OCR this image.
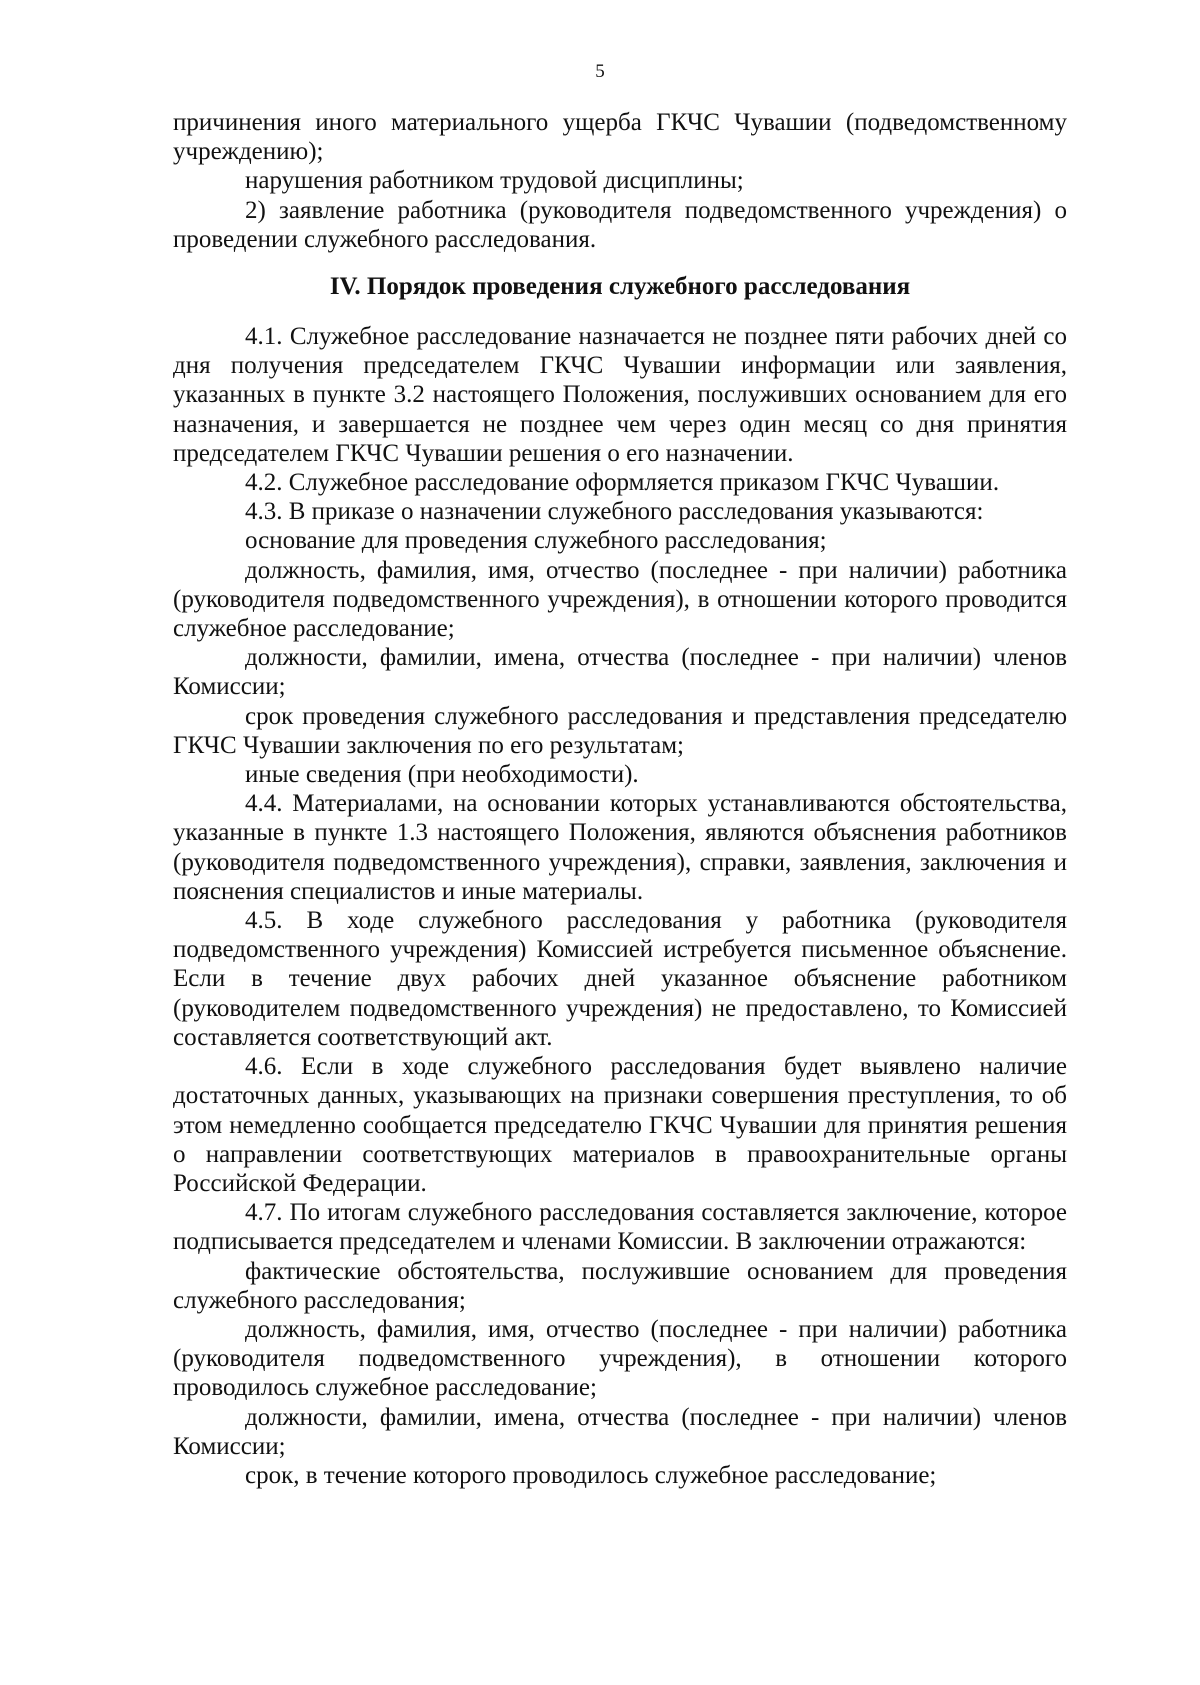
5

причинения иного материального ущерба ГКЧС Чувашии (подведомственному учреждению);

нарушения работником трудовой дисциплины;

2) заявление работника (руководителя подведомственного учреждения) о проведении служебного расследования.

IV. Порядок проведения служебного расследования

4.1. Служебное расследование назначается не позднее пяти рабочих дней со дня получения председателем ГКЧС Чувашии информации или заявления, указанных в пункте 3.2 настоящего Положения, послуживших основанием для его назначения, и завершается не позднее чем через один месяц со дня принятия председателем ГКЧС Чувашии решения о его назначении.

4.2. Служебное расследование оформляется приказом ГКЧС Чувашии.

4.3. В приказе о назначении служебного расследования указываются:

основание для проведения служебного расследования;

должность, фамилия, имя, отчество (последнее - при наличии) работника (руководителя подведомственного учреждения), в отношении которого проводится служебное расследование;

должности, фамилии, имена, отчества (последнее - при наличии) членов Комиссии;

срок проведения служебного расследования и представления председателю ГКЧС Чувашии заключения по его результатам;

иные сведения (при необходимости).

4.4. Материалами, на основании которых устанавливаются обстоятельства, указанные в пункте 1.3 настоящего Положения, являются объяснения работников (руководителя подведомственного учреждения), справки, заявления, заключения и пояснения специалистов и иные материалы.

4.5. В ходе служебного расследования у работника (руководителя подведомственного учреждения) Комиссией истребуется письменное объяснение. Если в течение двух рабочих дней указанное объяснение работником (руководителем подведомственного учреждения) не предоставлено, то Комиссией составляется соответствующий акт.

4.6. Если в ходе служебного расследования будет выявлено наличие достаточных данных, указывающих на признаки совершения преступления, то об этом немедленно сообщается председателю ГКЧС Чувашии для принятия решения о направлении соответствующих материалов в правоохранительные органы Российской Федерации.

4.7. По итогам служебного расследования составляется заключение, которое подписывается председателем и членами Комиссии. В заключении отражаются:

фактические обстоятельства, послужившие основанием для проведения служебного расследования;

должность, фамилия, имя, отчество (последнее - при наличии) работника (руководителя подведомственного учреждения), в отношении которого проводилось служебное расследование;

должности, фамилии, имена, отчества (последнее - при наличии) членов Комиссии;

срок, в течение которого проводилось служебное расследование;
